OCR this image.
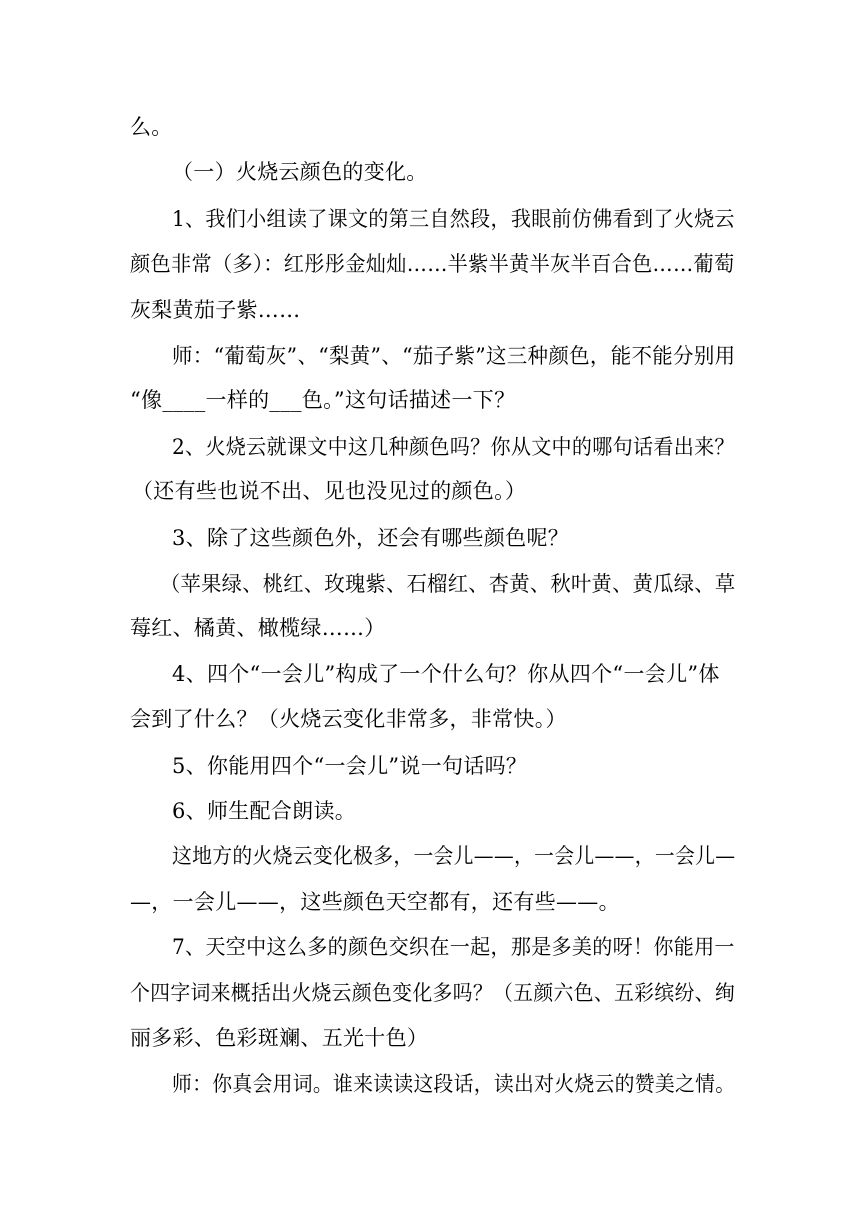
么。
（一）火烧云颜色的变化。
1、我们小组读了课文的第三自然段，我眼前仿佛看到了火烧云
颜色非常（多）：红彤彤金灿灿……半紫半黄半灰半百合色……葡萄
灰梨黄茄子紫……
师：“葡萄灰”、“梨黄”、“茄子紫”这三种颜色，能不能分别用
“像____一样的___色。”这句话描述一下？
2、火烧云就课文中这几种颜色吗？你从文中的哪句话看出来？
（还有些也说不出、见也没见过的颜色。）
3、除了这些颜色外，还会有哪些颜色呢？
（苹果绿、桃红、玫瑰紫、石榴红、杏黄、秋叶黄、黄瓜绿、草
莓红、橘黄、橄榄绿……）
4、四个“一会儿”构成了一个什么句？你从四个“一会儿”体
会到了什么？（火烧云变化非常多，非常快。）
5、你能用四个“一会儿”说一句话吗？
6、师生配合朗读。
这地方的火烧云变化极多，一会儿——，一会儿——，一会儿—
—，一会儿——，这些颜色天空都有，还有些——。
7、天空中这么多的颜色交织在一起，那是多美的呀！你能用一
个四字词来概括出火烧云颜色变化多吗？（五颜六色、五彩缤纷、绚
丽多彩、色彩斑斓、五光十色）
师：你真会用词。谁来读读这段话，读出对火烧云的赞美之情。
